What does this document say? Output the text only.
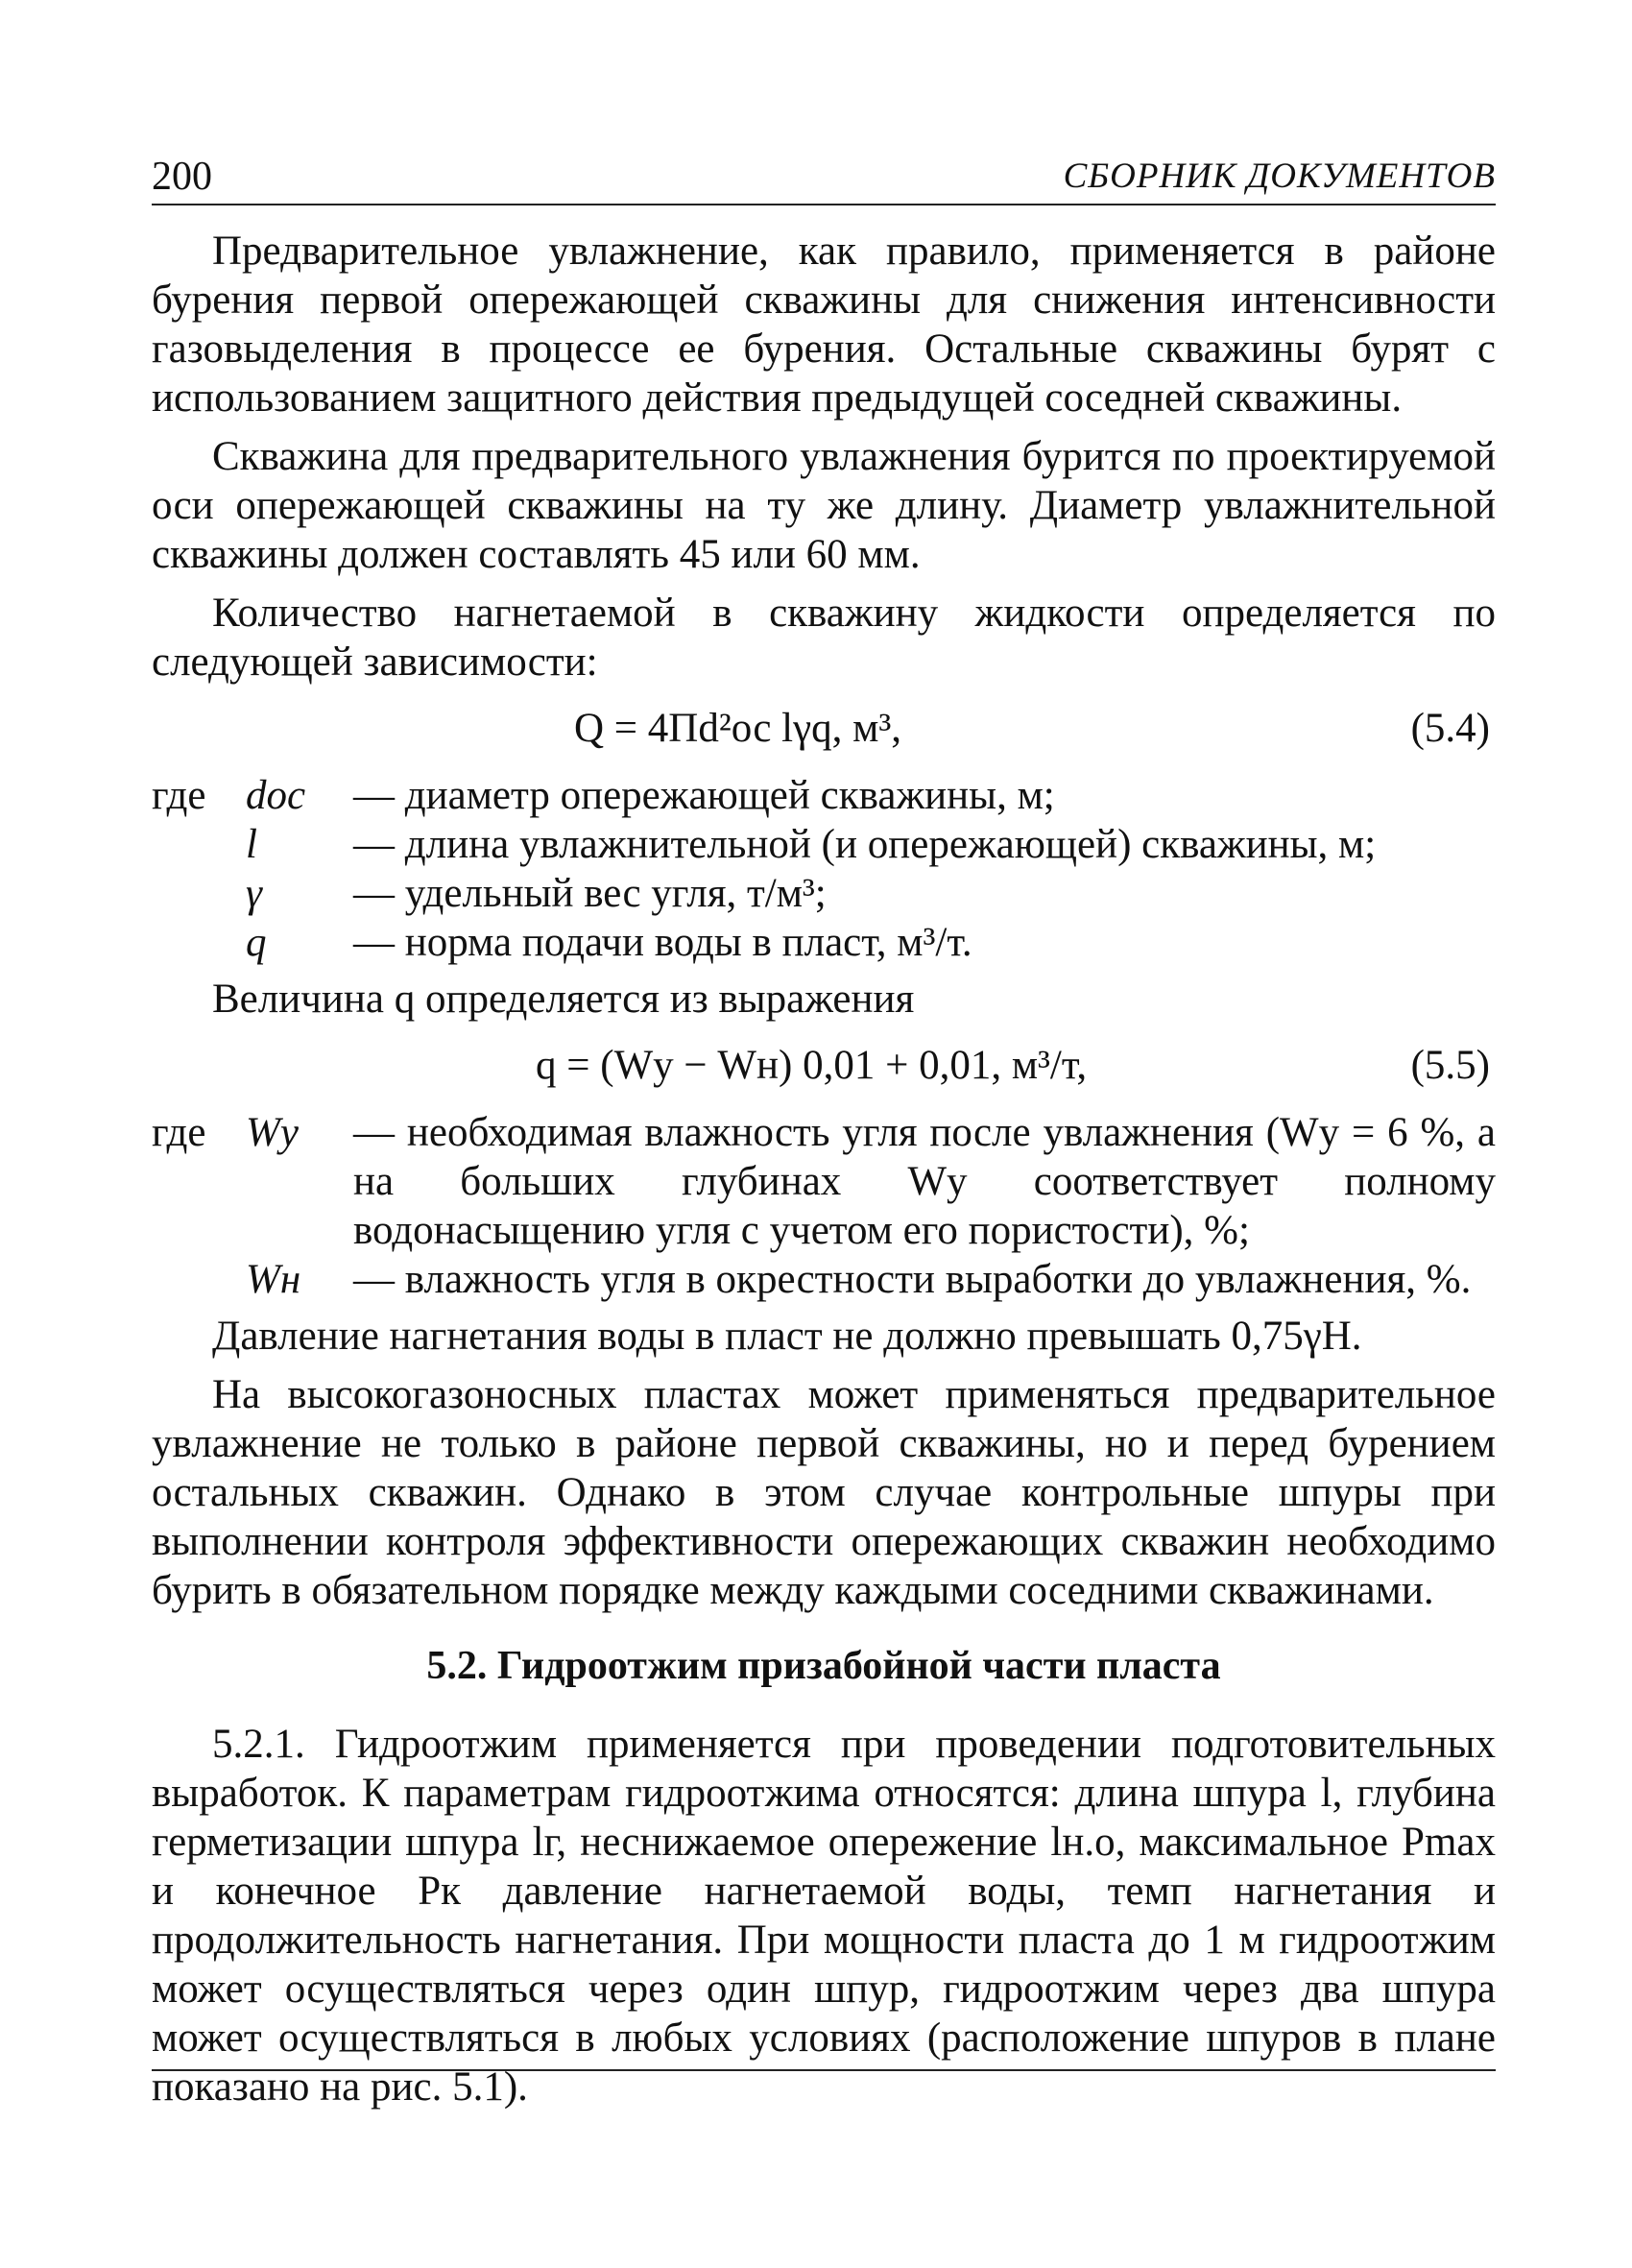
200	СБОРНИК ДОКУМЕНТОВ

Предварительное увлажнение, как правило, применяется в районе бурения первой опережающей скважины для снижения интенсивности газовыделения в процессе ее бурения. Остальные скважины бурят с использованием защитного действия предыдущей соседней скважины.

Скважина для предварительного увлажнения бурится по проектируемой оси опережающей скважины на ту же длину. Диаметр увлажнительной скважины должен составлять 45 или 60 мм.

Количество нагнетаемой в скважину жидкости определяется по следующей зависимости:

Q = 4Пd²ос lγq, м³,	(5.4)
где	dос	— диаметр опережающей скважины, м;
	l	— длина увлажнительной (и опережающей) скважины, м;
	γ	— удельный вес угля, т/м³;
	q	— норма подачи воды в пласт, м³/т.

Величина q определяется из выражения

q = (Wу − Wн) 0,01 + 0,01, м³/т,	(5.5)
где	Wу	— необходимая влажность угля после увлажнения (Wу = 6 %, а на больших глубинах Wу соответствует полному водонасыщению угля с учетом его пористости), %;
	Wн	— влажность угля в окрестности выработки до увлажнения, %.

Давление нагнетания воды в пласт не должно превышать 0,75γH.

На высокогазоносных пластах может применяться предварительное увлажнение не только в районе первой скважины, но и перед бурением остальных скважин. Однако в этом случае контрольные шпуры при выполнении контроля эффективности опережающих скважин необходимо бурить в обязательном порядке между каждыми соседними скважинами.

5.2. Гидроотжим призабойной части пласта

5.2.1. Гидроотжим применяется при проведении подготовительных выработок. К параметрам гидроотжима относятся: длина шпура l, глубина герметизации шпура lг, неснижаемое опережение lн.о, максимальное Pmax и конечное Pк давление нагнетаемой воды, темп нагнетания и продолжительность нагнетания. При мощности пласта до 1 м гидроотжим может осуществляться через один шпур, гидроотжим через два шпура может осуществляться в любых условиях (расположение шпуров в плане показано на рис. 5.1).
